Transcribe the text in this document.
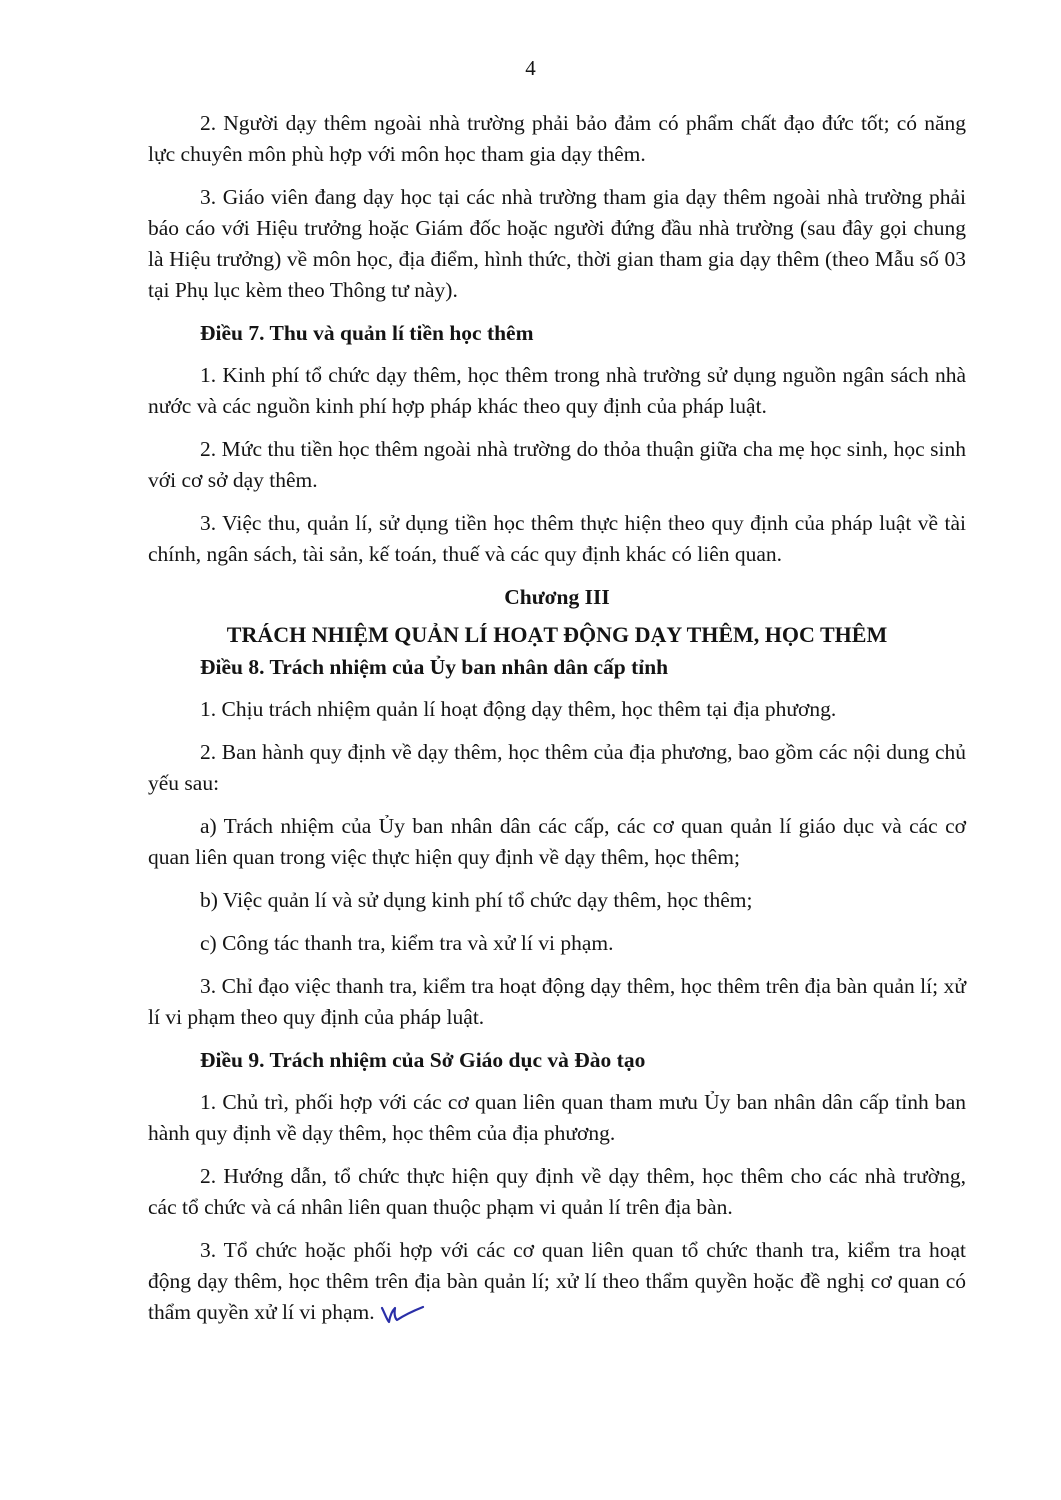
4

2. Người dạy thêm ngoài nhà trường phải bảo đảm có phẩm chất đạo đức tốt; có năng lực chuyên môn phù hợp với môn học tham gia dạy thêm.

3. Giáo viên đang dạy học tại các nhà trường tham gia dạy thêm ngoài nhà trường phải báo cáo với Hiệu trưởng hoặc Giám đốc hoặc người đứng đầu nhà trường (sau đây gọi chung là Hiệu trưởng) về môn học, địa điểm, hình thức, thời gian tham gia dạy thêm (theo Mẫu số 03 tại Phụ lục kèm theo Thông tư này).

Điều 7. Thu và quản lí tiền học thêm

1. Kinh phí tổ chức dạy thêm, học thêm trong nhà trường sử dụng nguồn ngân sách nhà nước và các nguồn kinh phí hợp pháp khác theo quy định của pháp luật.

2. Mức thu tiền học thêm ngoài nhà trường do thỏa thuận giữa cha mẹ học sinh, học sinh với cơ sở dạy thêm.

3. Việc thu, quản lí, sử dụng tiền học thêm thực hiện theo quy định của pháp luật về tài chính, ngân sách, tài sản, kế toán, thuế và các quy định khác có liên quan.

Chương III
TRÁCH NHIỆM QUẢN LÍ HOẠT ĐỘNG DẠY THÊM, HỌC THÊM
Điều 8. Trách nhiệm của Ủy ban nhân dân cấp tỉnh

1. Chịu trách nhiệm quản lí hoạt động dạy thêm, học thêm tại địa phương.

2. Ban hành quy định về dạy thêm, học thêm của địa phương, bao gồm các nội dung chủ yếu sau:

a) Trách nhiệm của Ủy ban nhân dân các cấp, các cơ quan quản lí giáo dục và các cơ quan liên quan trong việc thực hiện quy định về dạy thêm, học thêm;

b) Việc quản lí và sử dụng kinh phí tổ chức dạy thêm, học thêm;

c) Công tác thanh tra, kiểm tra và xử lí vi phạm.

3. Chỉ đạo việc thanh tra, kiểm tra hoạt động dạy thêm, học thêm trên địa bàn quản lí; xử lí vi phạm theo quy định của pháp luật.

Điều 9. Trách nhiệm của Sở Giáo dục và Đào tạo

1. Chủ trì, phối hợp với các cơ quan liên quan tham mưu Ủy ban nhân dân cấp tỉnh ban hành quy định về dạy thêm, học thêm của địa phương.

2. Hướng dẫn, tổ chức thực hiện quy định về dạy thêm, học thêm cho các nhà trường, các tổ chức và cá nhân liên quan thuộc phạm vi quản lí trên địa bàn.

3. Tổ chức hoặc phối hợp với các cơ quan liên quan tổ chức thanh tra, kiểm tra hoạt động dạy thêm, học thêm trên địa bàn quản lí; xử lí theo thẩm quyền hoặc đề nghị cơ quan có thẩm quyền xử lí vi phạm.
